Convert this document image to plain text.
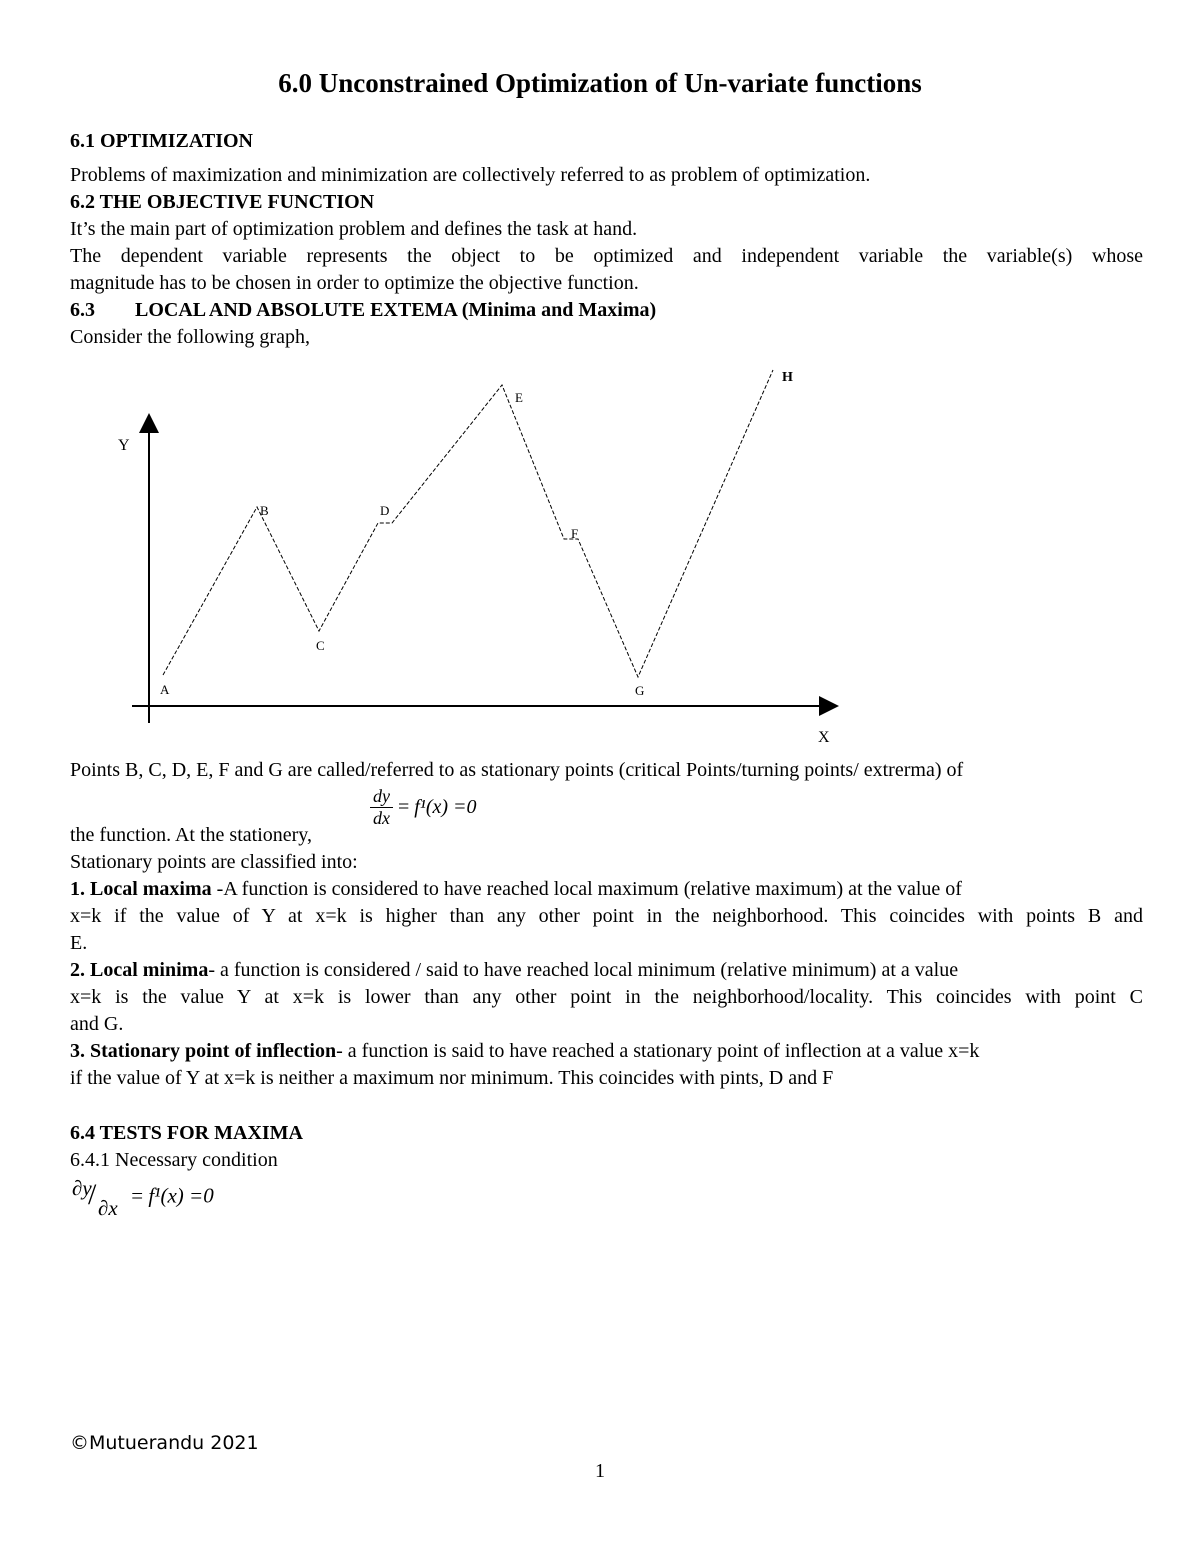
6.0 Unconstrained Optimization of Un-variate functions
6.1 OPTIMIZATION
Problems of maximization and minimization are collectively referred to as problem of optimization.
6.2 THE OBJECTIVE FUNCTION
It’s the main part of optimization problem and defines the task at hand.
The dependent variable represents the object to be optimized and independent variable the variable(s) whose
magnitude has to be chosen in order to optimize the objective function.
6.3 LOCAL AND ABSOLUTE EXTEMA (Minima and Maxima)
Consider the following graph,
X
Y
A
B
C
D
E
F
G
H
Points B, C, D, E, F and G are called/referred to as stationary points (critical Points/turning points/ extrerma) of
$\frac{dy}{dx} = f^1(x) =0$
the function. At the stationery,
Stationary points are classified into:
1. Local maxima -A function is considered to have reached local maximum (relative maximum) at the value of
x=k if the value of Y at x=k is higher than any other point in the neighborhood. This coincides with points B and
E.
2. Local minima- a function is considered / said to have reached local minimum (relative minimum) at a value
x=k is the value Y at x=k is lower than any other point in the neighborhood/locality. This coincides with point C
and G.
3. Stationary point of inflection- a function is said to have reached a stationary point of inflection at a value x=k
if the value of Y at x=k is neither a maximum nor minimum. This coincides with pints, D and F
6.4 TESTS FOR MAXIMA
6.4.1 Necessary condition
∂y
/ ∂x
= f¹(x) =0
©Mutuerandu 2021
1
